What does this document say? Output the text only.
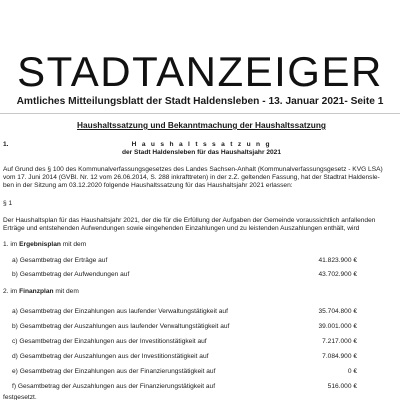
STADTANZEIGER
Amtliches Mitteilungsblatt der Stadt Haldensleben - 13. Januar 2021- Seite 1
Haushaltssatzung und Bekanntmachung der Haushaltssatzung
1.	H a u s h a l t s s a t z u n g
der Stadt Haldensleben für das Haushaltsjahr 2021
Auf Grund des § 100 des Kommunalverfassungsgesetzes des Landes Sachsen-Anhalt (Kommunalverfassungsgesetz - KVG LSA)
vom 17. Juni 2014 (GVBl. Nr. 12 vom 26.06.2014, S. 288 inkrafttreten) in der z.Z. geltenden Fassung, hat der Stadtrat Haldensle-
ben in der Sitzung am 03.12.2020 folgende Haushaltssatzung für das Haushaltsjahr 2021 erlassen:
§ 1
Der Haushaltsplan für das Haushaltsjahr 2021, der die für die Erfüllung der Aufgaben der Gemeinde voraussichtlich anfallenden
Erträge und entstehenden Aufwendungen sowie eingehenden Einzahlungen und zu leistenden Auszahlungen enthält, wird
1. im Ergebnisplan mit dem
a) Gesamtbetrag der Erträge auf	41.823.900 €
b) Gesamtbetrag der Aufwendungen auf	43.702.900 €
2. im Finanzplan mit dem
a) Gesamtbetrag der Einzahlungen aus laufender Verwaltungstätigkeit auf	35.704.800 €
b) Gesamtbetrag der Auszahlungen aus laufender Verwaltungstätigkeit auf	39.001.000 €
c) Gesamtbetrag der Einzahlungen aus der Investitionstätigkeit auf	7.217.000 €
d) Gesamtbetrag der Auszahlungen aus der Investitionstätigkeit auf	7.084.900 €
e) Gesamtbetrag der Einzahlungen aus der Finanzierungstätigkeit auf	0 €
f) Gesamtbetrag der Auszahlungen aus der Finanzierungstätigkeit auf	516.000 €
festgesetzt.
